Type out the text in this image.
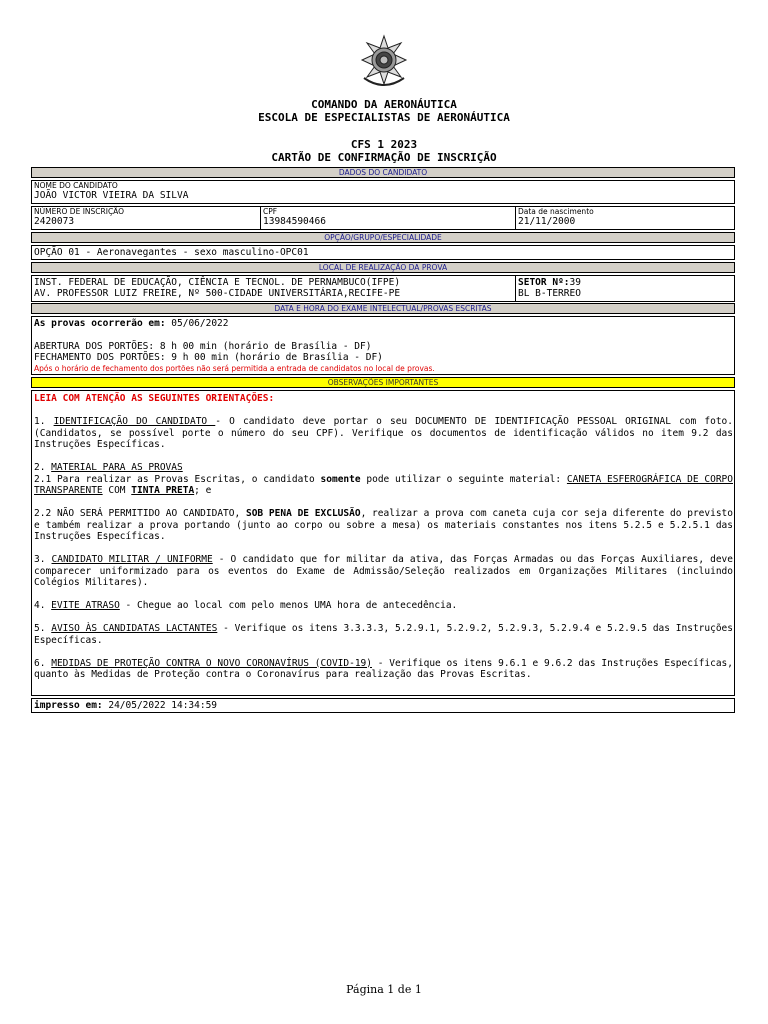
COMANDO DA AERONÁUTICA
ESCOLA DE ESPECIALISTAS DE AERONÁUTICA
CFS 1 2023
CARTÃO DE CONFIRMAÇÃO DE INSCRIÇÃO
DADOS DO CANDIDATO
NOME DO CANDIDATO
JOÃO VICTOR VIEIRA DA SILVA
NÚMERO DE INSCRIÇÃO
2420073
CPF
13984590466
Data de nascimento
21/11/2000
OPÇÃO/GRUPO/ESPECIALIDADE
OPÇÃO 01 - Aeronavegantes - sexo masculino-OPC01
LOCAL DE REALIZAÇÃO DA PROVA
INST. FEDERAL DE EDUCAÇÃO, CIÊNCIA E TECNOL. DE PERNAMBUCO(IFPE)
AV. PROFESSOR LUIZ FREIRE, Nº 500-CIDADE UNIVERSITÁRIA,RECIFE-PE
SETOR Nº:39
BL B-TERREO
DATA E HORA DO EXAME INTELECTUAL/PROVAS ESCRITAS
As provas ocorrerão em: 05/06/2022
ABERTURA DOS PORTÕES: 8 h 00 min (horário de Brasília - DF)
FECHAMENTO DOS PORTÕES: 9 h 00 min (horário de Brasília - DF)
Após o horário de fechamento dos portões não será permitida a entrada de candidatos no local de provas.
OBSERVAÇÕES IMPORTANTES

LEIA COM ATENÇÃO AS SEGUINTES ORIENTAÇÕES:

1. IDENTIFICAÇÃO DO CANDIDATO - O candidato deve portar o seu DOCUMENTO DE IDENTIFICAÇÃO PESSOAL ORIGINAL com foto. (Candidatos, se possível porte o número do seu CPF). Verifique os documentos de identificação válidos no item 9.2 das Instruções Específicas.

2. MATERIAL PARA AS PROVAS

2.1 Para realizar as Provas Escritas, o candidato somente pode utilizar o seguinte material: CANETA ESFEROGRÁFICA DE CORPO TRANSPARENTE COM TINTA PRETA; e

2.2 NÃO SERÁ PERMITIDO AO CANDIDATO, SOB PENA DE EXCLUSÃO, realizar a prova com caneta cuja cor seja diferente do previsto e também realizar a prova portando (junto ao corpo ou sobre a mesa) os materiais constantes nos itens 5.2.5 e 5.2.5.1 das Instruções Específicas.

3. CANDIDATO MILITAR / UNIFORME - O candidato que for militar da ativa, das Forças Armadas ou das Forças Auxiliares, deve comparecer uniformizado para os eventos do Exame de Admissão/Seleção realizados em Organizações Militares (incluindo Colégios Militares).

4. EVITE ATRASO - Chegue ao local com pelo menos UMA hora de antecedência.

5. AVISO ÀS CANDIDATAS LACTANTES - Verifique os itens 3.3.3.3, 5.2.9.1, 5.2.9.2, 5.2.9.3, 5.2.9.4 e 5.2.9.5 das Instruções Específicas.

6. MEDIDAS DE PROTEÇÃO CONTRA O NOVO CORONAVÍRUS (COVID-19) - Verifique os itens 9.6.1 e 9.6.2 das Instruções Específicas, quanto às Medidas de Proteção contra o Coronavírus para realização das Provas Escritas.

impresso em: 24/05/2022 14:34:59
Página 1 de 1
